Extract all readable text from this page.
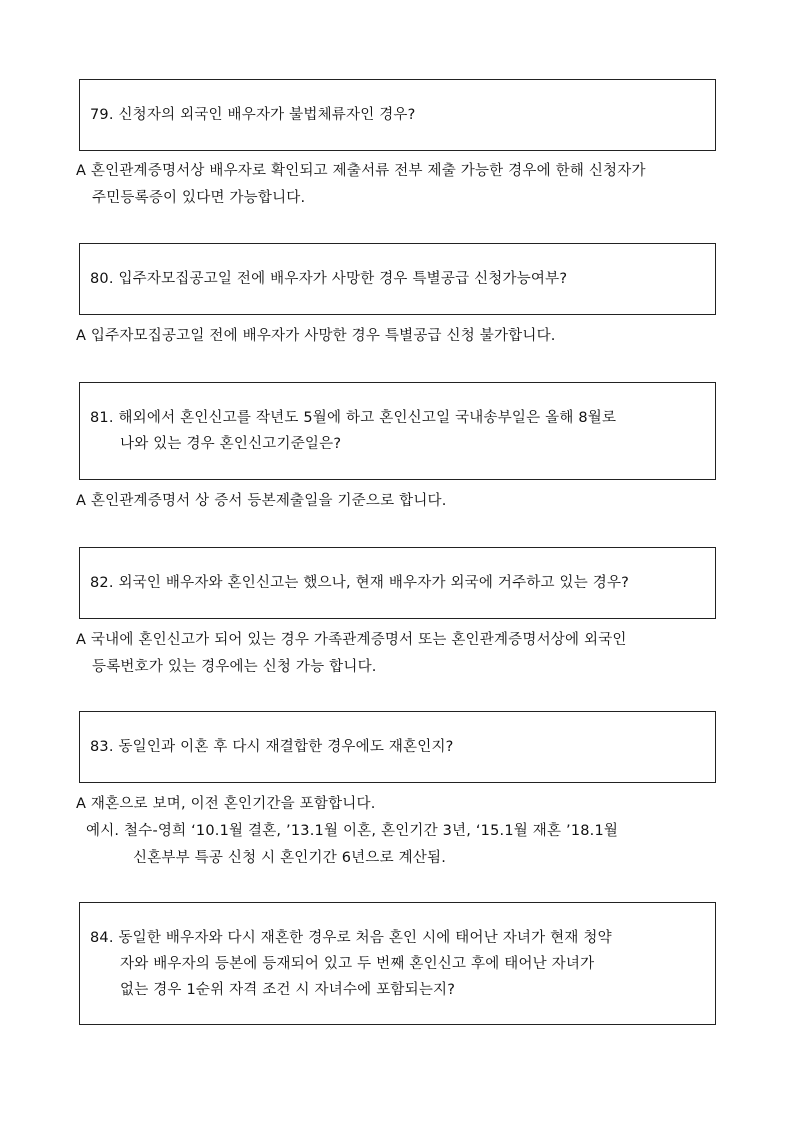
79. 신청자의 외국인 배우자가 불법체류자인 경우?
A 혼인관계증명서상 배우자로 확인되고 제출서류 전부 제출 가능한 경우에 한해 신청자가
주민등록증이 있다면 가능합니다.
80. 입주자모집공고일 전에 배우자가 사망한 경우 특별공급 신청가능여부?
A 입주자모집공고일 전에 배우자가 사망한 경우 특별공급 신청 불가합니다.
81. 해외에서 혼인신고를 작년도 5월에 하고 혼인신고일 국내송부일은 올해 8월로
나와 있는 경우 혼인신고기준일은?
A 혼인관계증명서 상 증서 등본제출일을 기준으로 합니다.
82. 외국인 배우자와 혼인신고는 했으나, 현재 배우자가 외국에 거주하고 있는 경우?
A 국내에 혼인신고가 되어 있는 경우 가족관계증명서 또는 혼인관계증명서상에 외국인
등록번호가 있는 경우에는 신청 가능 합니다.
83. 동일인과 이혼 후 다시 재결합한 경우에도 재혼인지?
A 재혼으로 보며, 이전 혼인기간을 포함합니다.
예시. 철수-영희 ‘10.1월 결혼, ’13.1월 이혼, 혼인기간 3년, ‘15.1월 재혼 ’18.1월
신혼부부 특공 신청 시 혼인기간 6년으로 계산됨.
84. 동일한 배우자와 다시 재혼한 경우로 처음 혼인 시에 태어난 자녀가 현재 청약
자와 배우자의 등본에 등재되어 있고 두 번째 혼인신고 후에 태어난 자녀가
없는 경우 1순위 자격 조건 시 자녀수에 포함되는지?
